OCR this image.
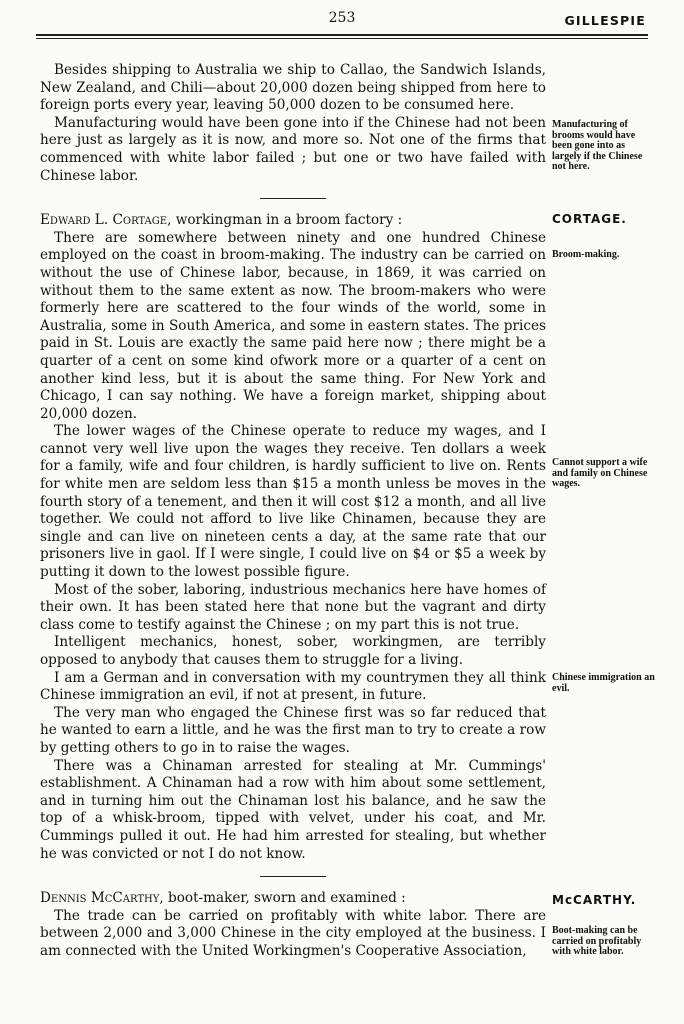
253	GILLESPIE

Besides shipping to Australia we ship to Callao, the Sandwich Islands, New Zealand, and Chili—about 20,000 dozen being shipped from here to foreign ports every year, leaving 50,000 dozen to be consumed here.

Manufacturing would have been gone into if the Chinese had not been here just as largely as it is now, and more so. Not one of the firms that commenced with white labor failed ; but one or two have failed with Chinese labor.

Edward L. Cortage, workingman in a broom factory :

There are somewhere between ninety and one hundred Chinese employed on the coast in broom-making. The industry can be carried on without the use of Chinese labor, because, in 1869, it was carried on without them to the same extent as now. The broom-makers who were formerly here are scattered to the four winds of the world, some in Australia, some in South America, and some in eastern states. The prices paid in St. Louis are exactly the same paid here now ; there might be a quarter of a cent on some kind ofwork more or a quarter of a cent on another kind less, but it is about the same thing. For New York and Chicago, I can say nothing. We have a foreign market, shipping about 20,000 dozen.

The lower wages of the Chinese operate to reduce my wages, and I cannot very well live upon the wages they receive. Ten dollars a week for a family, wife and four children, is hardly sufficient to live on. Rents for white men are seldom less than $15 a month unless be moves in the fourth story of a tenement, and then it will cost $12 a month, and all live together. We could not afford to live like Chinamen, because they are single and can live on nineteen cents a day, at the same rate that our prisoners live in gaol. If I were single, I could live on $4 or $5 a week by putting it down to the lowest possible figure.

Most of the sober, laboring, industrious mechanics here have homes of their own. It has been stated here that none but the vagrant and dirty class come to testify against the Chinese ; on my part this is not true.

Intelligent mechanics, honest, sober, workingmen, are terribly opposed to anybody that causes them to struggle for a living.

I am a German and in conversation with my countrymen they all think Chinese immigration an evil, if not at present, in future.

The very man who engaged the Chinese first was so far reduced that he wanted to earn a little, and he was the first man to try to create a row by getting others to go in to raise the wages.

There was a Chinaman arrested for stealing at Mr. Cummings' establishment. A Chinaman had a row with him about some settlement, and in turning him out the Chinaman lost his balance, and he saw the top of a whisk-broom, tipped with velvet, under his coat, and Mr. Cummings pulled it out. He had him arrested for stealing, but whether he was convicted or not I do not know.

Dennis McCarthy, boot-maker, sworn and examined :

The trade can be carried on profitably with white labor. There are between 2,000 and 3,000 Chinese in the city employed at the business. I am connected with the United Workingmen's Cooperative Association,

Manufacturing of brooms would have been gone into as largely if the Chinese not here.
CORTAGE.
Broom-making.
Cannot support a wife and family on Chinese wages.
Chinese immigration an evil.
McCARTHY.
Boot-making can be carried on profitably with white labor.
